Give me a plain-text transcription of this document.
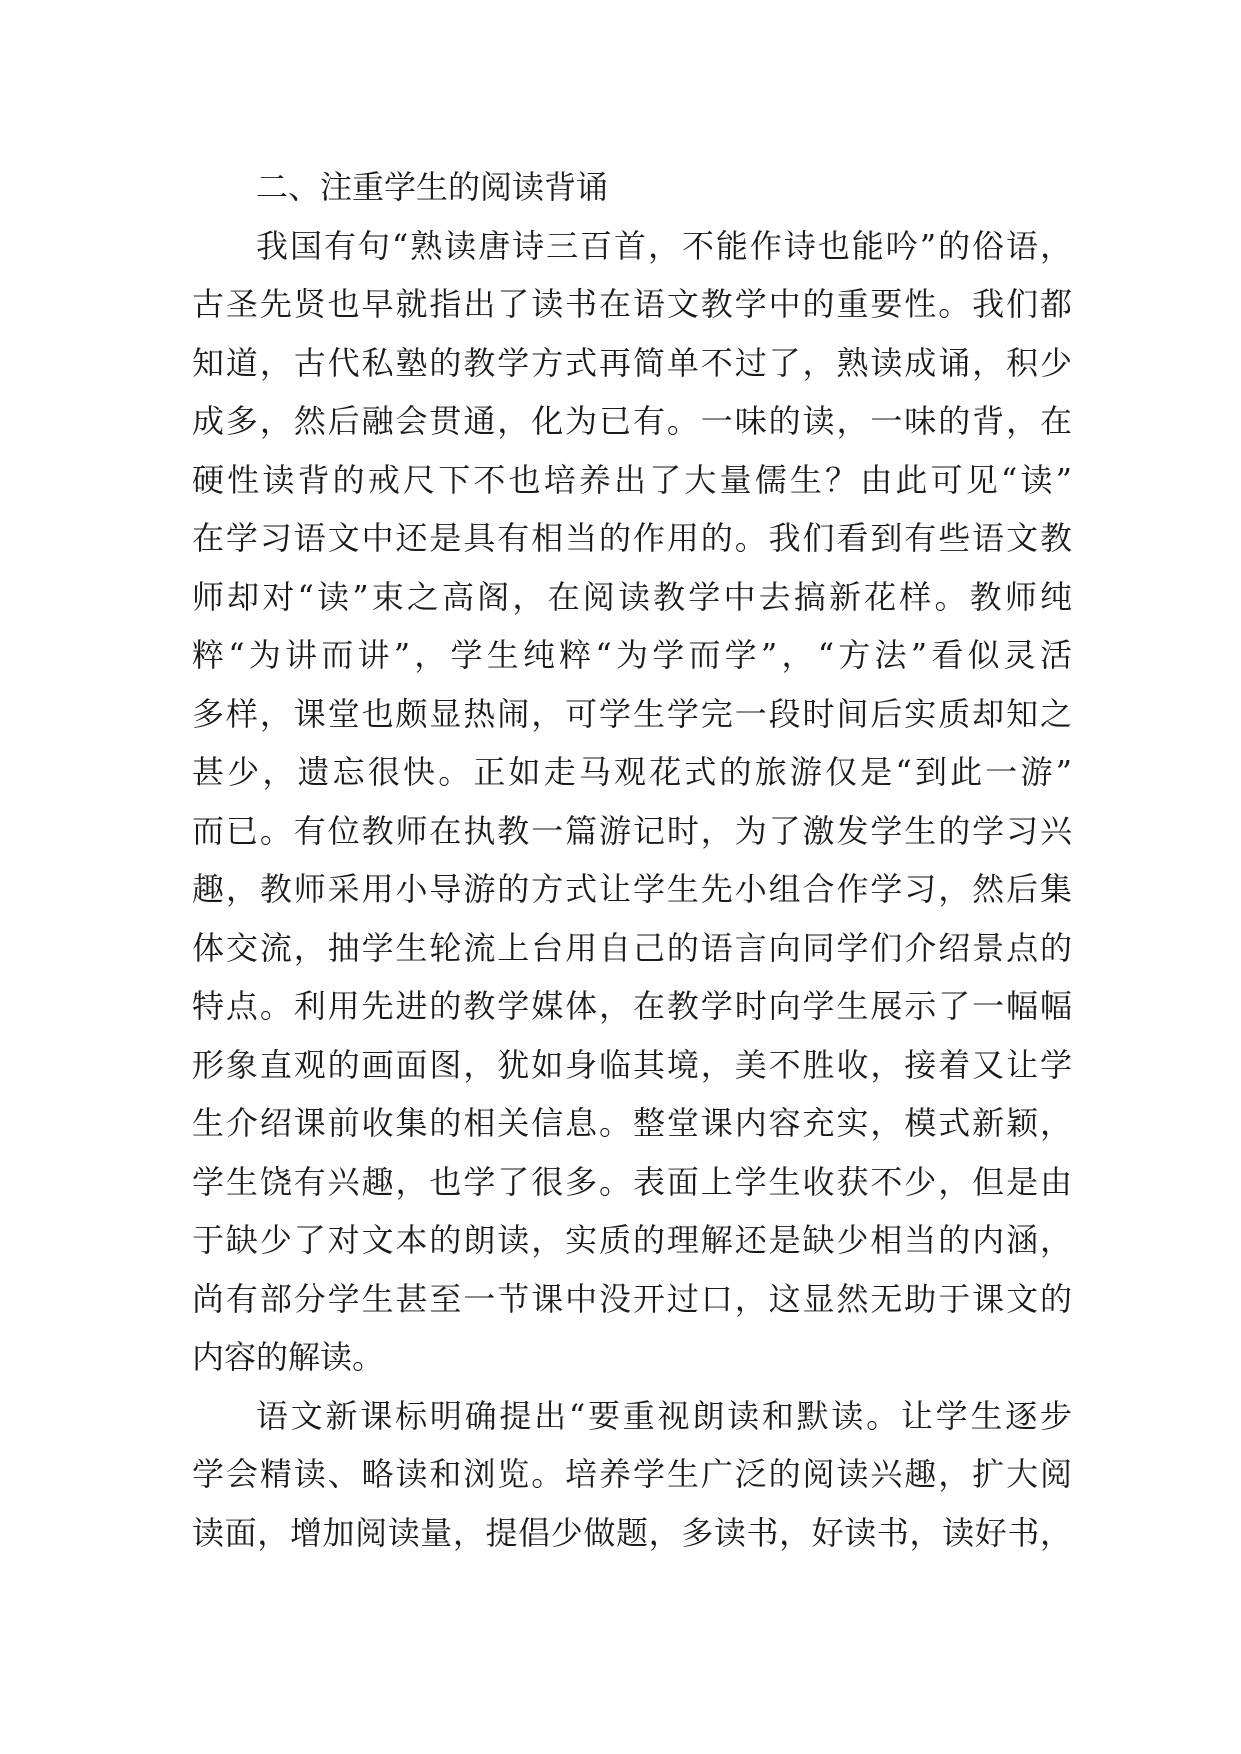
二、注重学生的阅读背诵
我国有句“熟读唐诗三百首，不能作诗也能吟”的俗语，
古圣先贤也早就指出了读书在语文教学中的重要性。我们都
知道，古代私塾的教学方式再简单不过了，熟读成诵，积少
成多，然后融会贯通，化为已有。一味的读，一味的背，在
硬性读背的戒尺下不也培养出了大量儒生？由此可见“读”
在学习语文中还是具有相当的作用的。我们看到有些语文教
师却对“读”束之高阁，在阅读教学中去搞新花样。教师纯
粹“为讲而讲”，学生纯粹“为学而学”，“方法”看似灵活
多样，课堂也颇显热闹，可学生学完一段时间后实质却知之
甚少，遗忘很快。正如走马观花式的旅游仅是“到此一游”
而已。有位教师在执教一篇游记时，为了激发学生的学习兴
趣，教师采用小导游的方式让学生先小组合作学习，然后集
体交流，抽学生轮流上台用自己的语言向同学们介绍景点的
特点。利用先进的教学媒体，在教学时向学生展示了一幅幅
形象直观的画面图，犹如身临其境，美不胜收，接着又让学
生介绍课前收集的相关信息。整堂课内容充实，模式新颖，
学生饶有兴趣，也学了很多。表面上学生收获不少，但是由
于缺少了对文本的朗读，实质的理解还是缺少相当的内涵，
尚有部分学生甚至一节课中没开过口，这显然无助于课文的
内容的解读。
语文新课标明确提出“要重视朗读和默读。让学生逐步
学会精读、略读和浏览。培养学生广泛的阅读兴趣，扩大阅
读面，增加阅读量，提倡少做题，多读书，好读书，读好书，
